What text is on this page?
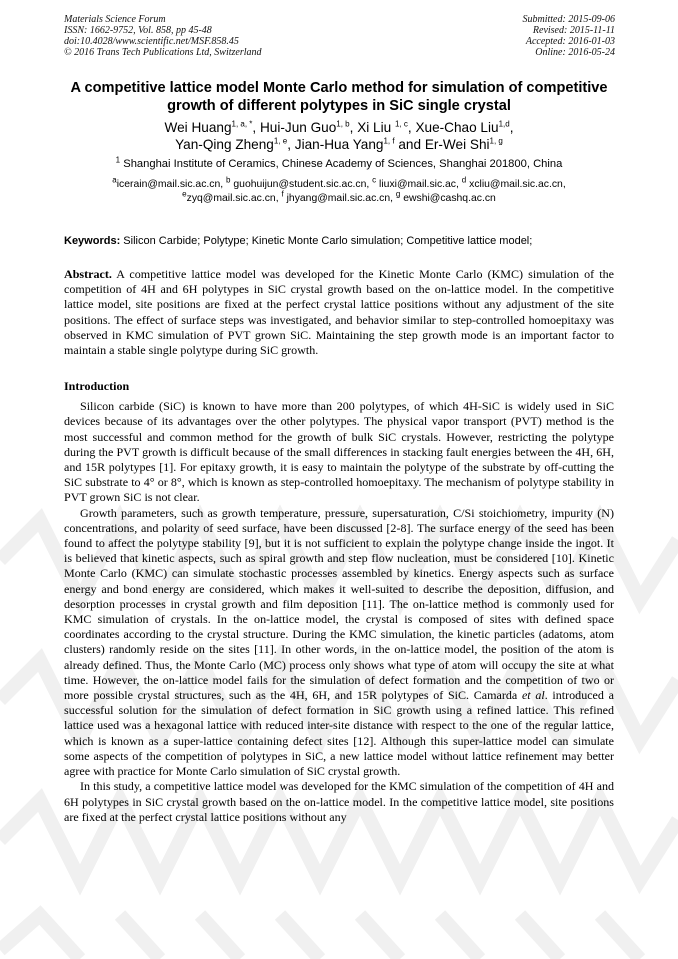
Materials Science Forum
ISSN: 1662-9752, Vol. 858, pp 45-48
doi:10.4028/www.scientific.net/MSF.858.45
© 2016 Trans Tech Publications Ltd, Switzerland
Submitted: 2015-09-06
Revised: 2015-11-11
Accepted: 2016-01-03
Online: 2016-05-24
A competitive lattice model Monte Carlo method for simulation of competitive growth of different polytypes in SiC single crystal
Wei Huang$^{1, a, *}$, Hui-Jun Guo$^{1, b}$, Xi Liu $^{1, c}$, Xue-Chao Liu$^{1,d}$,
Yan-Qing Zheng$^{1, e}$, Jian-Hua Yang$^{1, f}$ and Er-Wei Shi$^{1, g}$
$^1$ Shanghai Institute of Ceramics, Chinese Academy of Sciences, Shanghai 201800, China
$^a$icerain@mail.sic.ac.cn, $^b$ guohuijun@student.sic.ac.cn, $^c$ liuxi@mail.sic.ac, $^d$ xcliu@mail.sic.ac.cn,
$^e$zyq@mail.sic.ac.cn, $^f$ jhyang@mail.sic.ac.cn, $^g$ ewshi@cashq.ac.cn
Keywords: Silicon Carbide; Polytype; Kinetic Monte Carlo simulation; Competitive lattice model;

Abstract. A competitive lattice model was developed for the Kinetic Monte Carlo (KMC) simulation of the competition of 4H and 6H polytypes in SiC crystal growth based on the on-lattice model. In the competitive lattice model, site positions are fixed at the perfect crystal lattice positions without any adjustment of the site positions. The effect of surface steps was investigated, and behavior similar to step-controlled homoepitaxy was observed in KMC simulation of PVT grown SiC. Maintaining the step growth mode is an important factor to maintain a stable single polytype during SiC growth.

Introduction

Silicon carbide (SiC) is known to have more than 200 polytypes, of which 4H-SiC is widely used in SiC devices because of its advantages over the other polytypes. The physical vapor transport (PVT) method is the most successful and common method for the growth of bulk SiC crystals. However, restricting the polytype during the PVT growth is difficult because of the small differences in stacking fault energies between the 4H, 6H, and 15R polytypes [1]. For epitaxy growth, it is easy to maintain the polytype of the substrate by off-cutting the SiC substrate to 4° or 8°, which is known as step-controlled homoepitaxy. The mechanism of polytype stability in PVT grown SiC is not clear.

Growth parameters, such as growth temperature, pressure, supersaturation, C/Si stoichiometry, impurity (N) concentrations, and polarity of seed surface, have been discussed [2-8]. The surface energy of the seed has been found to affect the polytype stability [9], but it is not sufficient to explain the polytype change inside the ingot. It is believed that kinetic aspects, such as spiral growth and step flow nucleation, must be considered [10]. Kinetic Monte Carlo (KMC) can simulate stochastic processes assembled by kinetics. Energy aspects such as surface energy and bond energy are considered, which makes it well-suited to describe the deposition, diffusion, and desorption processes in crystal growth and film deposition [11]. The on-lattice method is commonly used for KMC simulation of crystals. In the on-lattice model, the crystal is composed of sites with defined space coordinates according to the crystal structure. During the KMC simulation, the kinetic particles (adatoms, atom clusters) randomly reside on the sites [11]. In other words, in the on-lattice model, the position of the atom is already defined. Thus, the Monte Carlo (MC) process only shows what type of atom will occupy the site at what time. However, the on-lattice model fails for the simulation of defect formation and the competition of two or more possible crystal structures, such as the 4H, 6H, and 15R polytypes of SiC. Camarda et al. introduced a successful solution for the simulation of defect formation in SiC growth using a refined lattice. This refined lattice used was a hexagonal lattice with reduced inter-site distance with respect to the one of the regular lattice, which is known as a super-lattice containing defect sites [12]. Although this super-lattice model can simulate some aspects of the competition of polytypes in SiC, a new lattice model without lattice refinement may better agree with practice for Monte Carlo simulation of SiC crystal growth.

In this study, a competitive lattice model was developed for the KMC simulation of the competition of 4H and 6H polytypes in SiC crystal growth based on the on-lattice model. In the competitive lattice model, site positions are fixed at the perfect crystal lattice positions without any
